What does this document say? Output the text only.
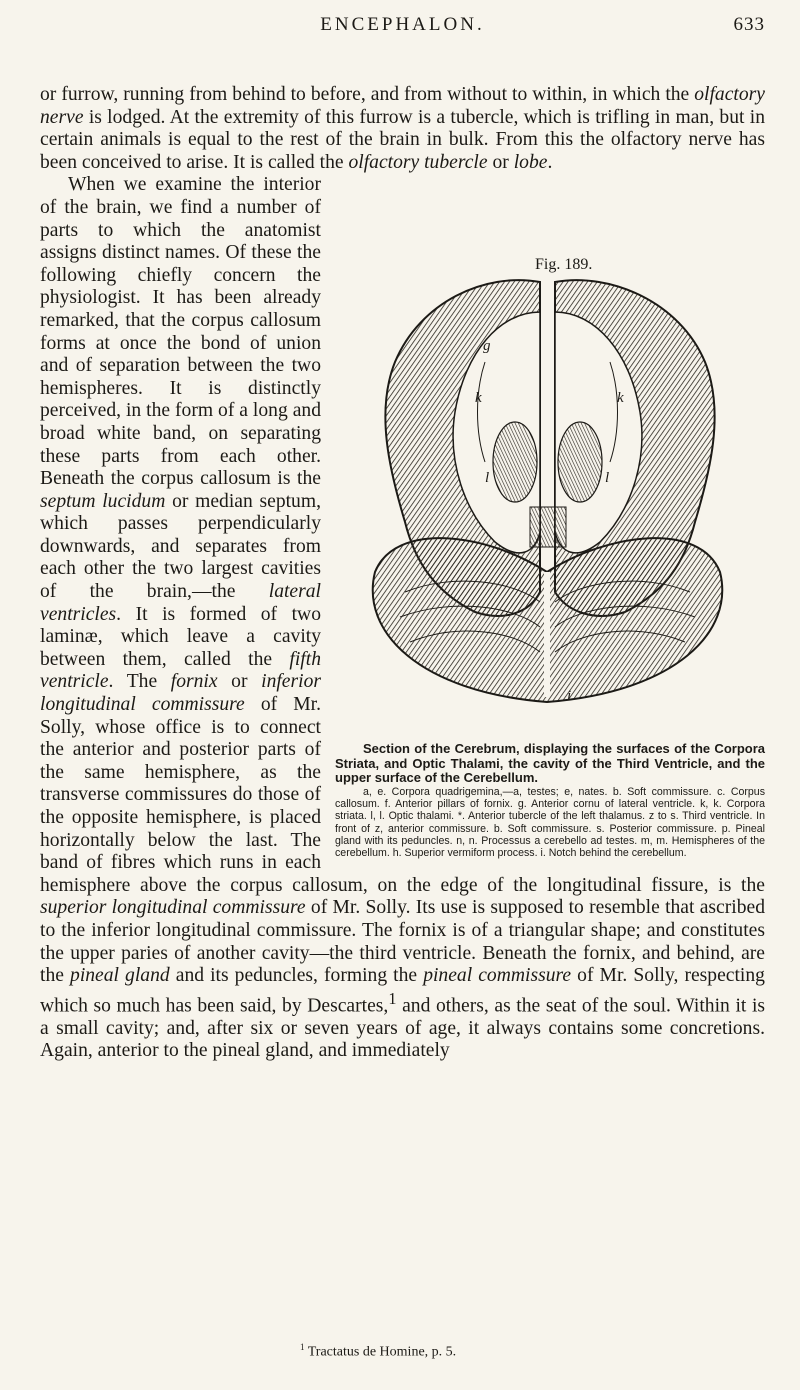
ENCEPHALON.	633

or furrow, running from behind to before, and from without to within, in which the olfactory nerve is lodged. At the extremity of this furrow is a tubercle, which is trifling in man, but in certain animals is equal to the rest of the brain in bulk. From this the olfactory nerve has been conceived to arise. It is called the olfactory tubercle or lobe.

Fig. 189.
g
k	k
l	l
i

Section of the Cerebrum, displaying the surfaces of the Corpora Striata, and Optic Thalami, the cavity of the Third Ventricle, and the upper surface of the Cerebellum.

a, e. Corpora quadrigemina,—a, testes; e, nates. b. Soft commissure. c. Corpus callosum. f. Anterior pillars of fornix. g. Anterior cornu of lateral ventricle. k, k. Corpora striata. l, l. Optic thalami. *. Anterior tubercle of the left thalamus. z to s. Third ventricle. In front of z, anterior commissure. b. Soft commissure. s. Posterior commissure. p. Pineal gland with its peduncles. n, n. Processus a cerebello ad testes. m, m. Hemispheres of the cerebellum. h. Superior vermiform process. i. Notch behind the cerebellum.

When we examine the interior of the brain, we find a number of parts to which the anatomist assigns distinct names. Of these the following chiefly concern the physiologist. It has been already remarked, that the corpus callosum forms at once the bond of union and of separation between the two hemispheres. It is distinctly perceived, in the form of a long and broad white band, on separating these parts from each other. Beneath the corpus callosum is the septum lucidum or median septum, which passes perpendicularly downwards, and separates from each other the two largest cavities of the brain,—the lateral ventricles. It is formed of two laminæ, which leave a cavity between them, called the fifth ventricle. The fornix or inferior longitudinal commissure of Mr. Solly, whose office is to connect the anterior and posterior parts of the same hemisphere, as the transverse commissures do those of the opposite hemisphere, is placed horizontally below the last. The band of fibres which runs in each hemisphere above the corpus callosum, on the edge of the longitudinal fissure, is the superior longitudinal commissure of Mr. Solly. Its use is supposed to resemble that ascribed to the inferior longitudinal commissure. The fornix is of a triangular shape; and constitutes the upper paries of another cavity—the third ventricle. Beneath the fornix, and behind, are the pineal gland and its peduncles, forming the pineal commissure of Mr. Solly, respecting which so much has been said, by Descartes,$^1$ and others, as the seat of the soul. Within it is a small cavity; and, after six or seven years of age, it always contains some concretions. Again, anterior to the pineal gland, and immediately

$^1$ Tractatus de Homine, p. 5.
